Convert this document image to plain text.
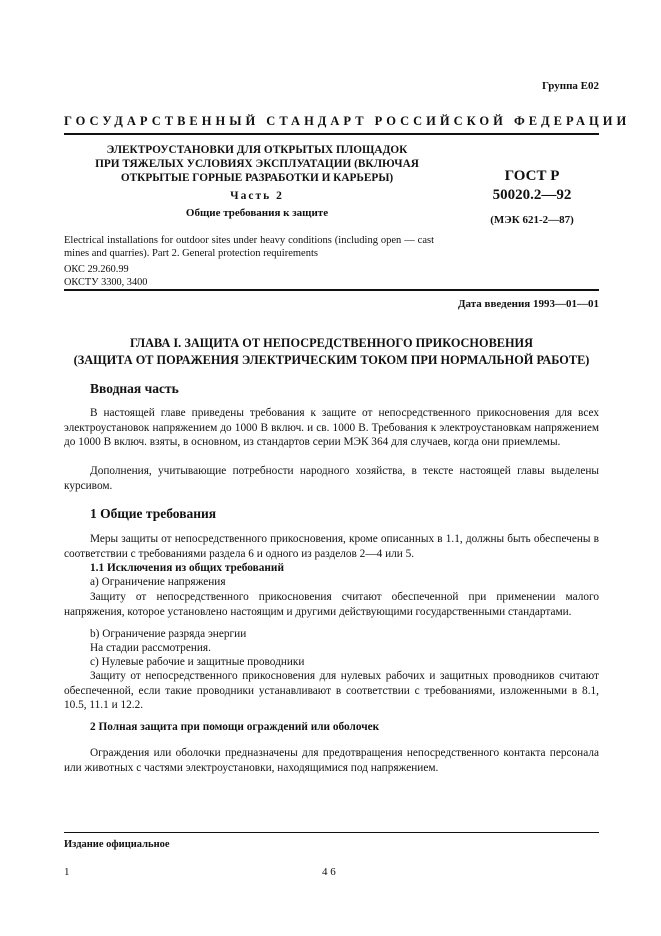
Группа Е02
ГОСУДАРСТВЕННЫЙ СТАНДАРТ РОССИЙСКОЙ ФЕДЕРАЦИИ
ЭЛЕКТРОУСТАНОВКИ ДЛЯ ОТКРЫТЫХ ПЛОЩАДОК
ПРИ ТЯЖЕЛЫХ УСЛОВИЯХ ЭКСПЛУАТАЦИИ (ВКЛЮЧАЯ
ОТКРЫТЫЕ ГОРНЫЕ РАЗРАБОТКИ И КАРЬЕРЫ)
Часть 2
Общие требования к защите
Electrical installations for outdoor sites under heavy conditions (including open — cast mines and quarries). Part 2. General protection requirements
ОКС 29.260.99
ОКСТУ 3300, 3400
ГОСТ Р
50020.2—92
(МЭК 621-2—87)
Дата введения 1993—01—01
ГЛАВА I. ЗАЩИТА ОТ НЕПОСРЕДСТВЕННОГО ПРИКОСНОВЕНИЯ
(ЗАЩИТА ОТ ПОРАЖЕНИЯ ЭЛЕКТРИЧЕСКИМ ТОКОМ ПРИ НОРМАЛЬНОЙ РАБОТЕ)
Вводная часть
В настоящей главе приведены требования к защите от непосредственного прикосновения для всех электроустановок напряжением до 1000 В включ. и св. 1000 В. Требования к электроустановкам напряжением до 1000 В включ. взяты, в основном, из стандартов серии МЭК 364 для случаев, когда они приемлемы.
Дополнения, учитывающие потребности народного хозяйства, в тексте настоящей главы выделены курсивом.
1 Общие требования
Меры защиты от непосредственного прикосновения, кроме описанных в 1.1, должны быть обеспечены в соответствии с требованиями раздела 6 и одного из разделов 2—4 или 5.
1.1 Исключения из общих требований
а) Ограничение напряжения
Защиту от непосредственного прикосновения считают обеспеченной при применении малого напряжения, которое установлено настоящим и другими действующими государственными стандартами.
b) Ограничение разряда энергии
На стадии рассмотрения.
с) Нулевые рабочие и защитные проводники
Защиту от непосредственного прикосновения для нулевых рабочих и защитных проводников считают обеспеченной, если такие проводники устанавливают в соответствии с требованиями, изложенными в 8.1, 10.5, 11.1 и 12.2.
2 Полная защита при помощи ограждений или оболочек
Ограждения или оболочки предназначены для предотвращения непосредственного контакта персонала или животных с частями электроустановки, находящимися под напряжением.
Издание официальное
1	4 6
